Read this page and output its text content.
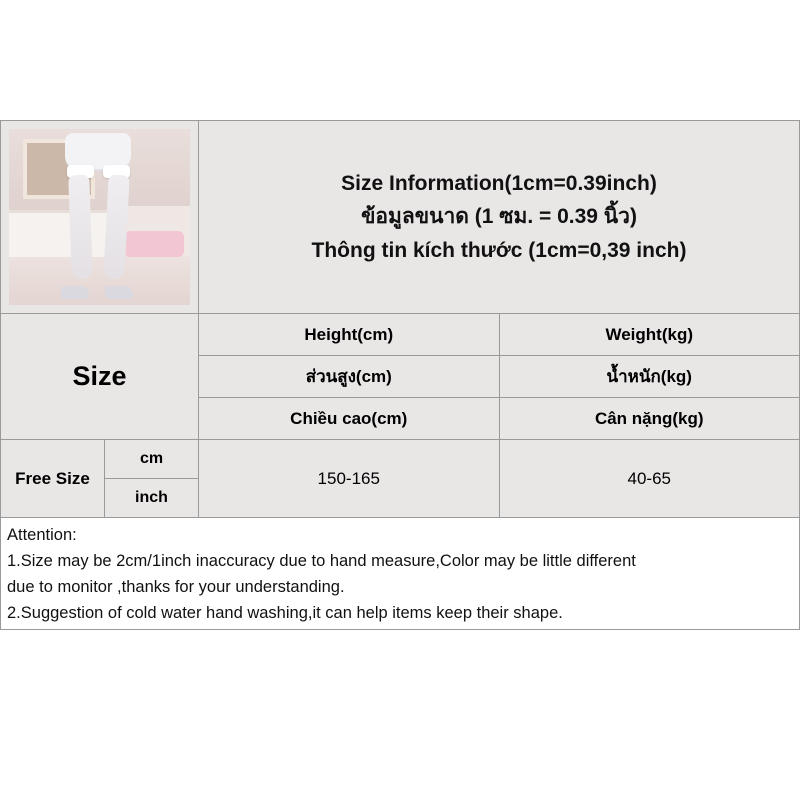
Size Information(1cm=0.39inch)
ข้อมูลขนาด (1 ซม. = 0.39 นิ้ว)
Thông tin kích thước (1cm=0,39 inch)
Size
Height(cm)	Weight(kg)
ส่วนสูง(cm)	น้ำหนัก(kg)
Chiều cao(cm)	Cân nặng(kg)
Free Size
cm
inch
150-165	40-65

Attention:

1.Size may be 2cm/1inch inaccuracy due to hand measure,Color may be little different

due to monitor ,thanks for your understanding.

2.Suggestion of cold water hand washing,it can help items keep their shape.
